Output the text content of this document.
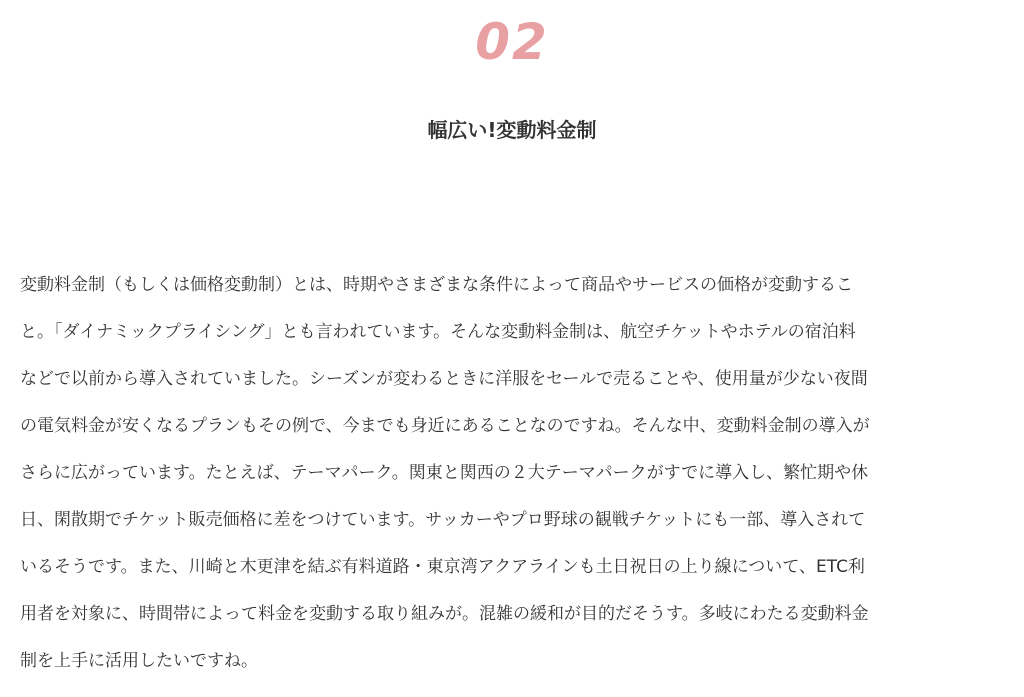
02
幅広い!変動料金制
変動料金制（もしくは価格変動制）とは、時期やさまざまな条件によって商品やサービスの価格が変動するこ
と。「ダイナミックプライシング」とも言われています。そんな変動料金制は、航空チケットやホテルの宿泊料
などで以前から導入されていました。シーズンが変わるときに洋服をセールで売ることや、使用量が少ない夜間
の電気料金が安くなるプランもその例で、今までも身近にあることなのですね。そんな中、変動料金制の導入が
さらに広がっています。たとえば、テーマパーク。関東と関西の２大テーマパークがすでに導入し、繁忙期や休
日、閑散期でチケット販売価格に差をつけています。サッカーやプロ野球の観戦チケットにも一部、導入されて
いるそうです。また、川崎と木更津を結ぶ有料道路・東京湾アクアラインも土日祝日の上り線について、ETC利
用者を対象に、時間帯によって料金を変動する取り組みが。混雑の緩和が目的だそうす。多岐にわたる変動料金
制を上手に活用したいですね。
